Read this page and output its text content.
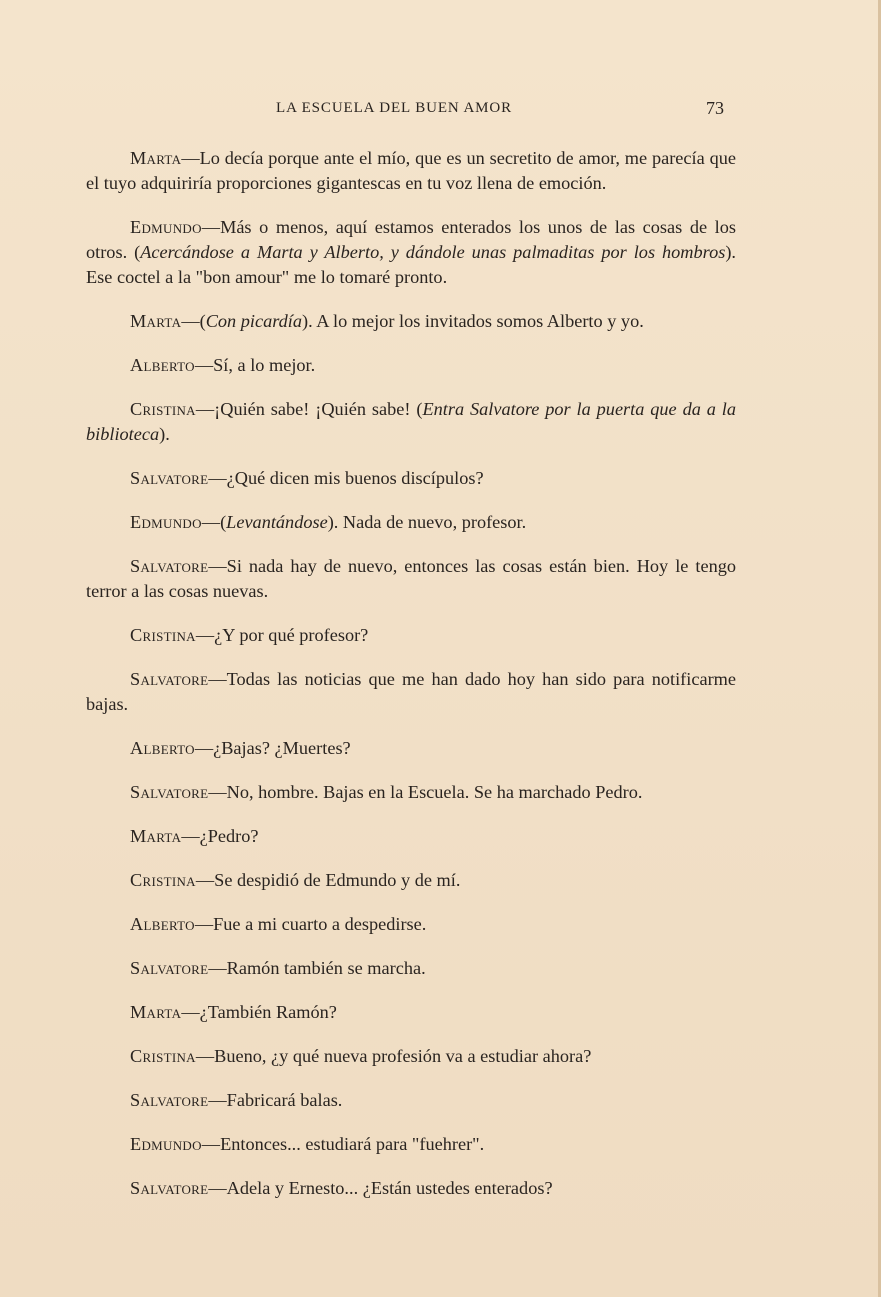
LA ESCUELA DEL BUEN AMOR	73

Marta—Lo decía porque ante el mío, que es un secretito de amor, me parecía que el tuyo adquiriría proporciones gigantescas en tu voz llena de emoción.

Edmundo—Más o menos, aquí estamos enterados los unos de las cosas de los otros. (Acercándose a Marta y Alberto, y dándole unas palmaditas por los hombros). Ese coctel a la "bon amour" me lo tomaré pronto.

Marta—(Con picardía). A lo mejor los invitados somos Alberto y yo.

Alberto—Sí, a lo mejor.

Cristina—¡Quién sabe! ¡Quién sabe! (Entra Salvatore por la puerta que da a la biblioteca).

Salvatore—¿Qué dicen mis buenos discípulos?

Edmundo—(Levantándose). Nada de nuevo, profesor.

Salvatore—Si nada hay de nuevo, entonces las cosas están bien. Hoy le tengo terror a las cosas nuevas.

Cristina—¿Y por qué profesor?

Salvatore—Todas las noticias que me han dado hoy han sido para notificarme bajas.

Alberto—¿Bajas? ¿Muertes?

Salvatore—No, hombre. Bajas en la Escuela. Se ha marchado Pedro.

Marta—¿Pedro?

Cristina—Se despidió de Edmundo y de mí.

Alberto—Fue a mi cuarto a despedirse.

Salvatore—Ramón también se marcha.

Marta—¿También Ramón?

Cristina—Bueno, ¿y qué nueva profesión va a estudiar ahora?

Salvatore—Fabricará balas.

Edmundo—Entonces... estudiará para "fuehrer".

Salvatore—Adela y Ernesto... ¿Están ustedes enterados?
